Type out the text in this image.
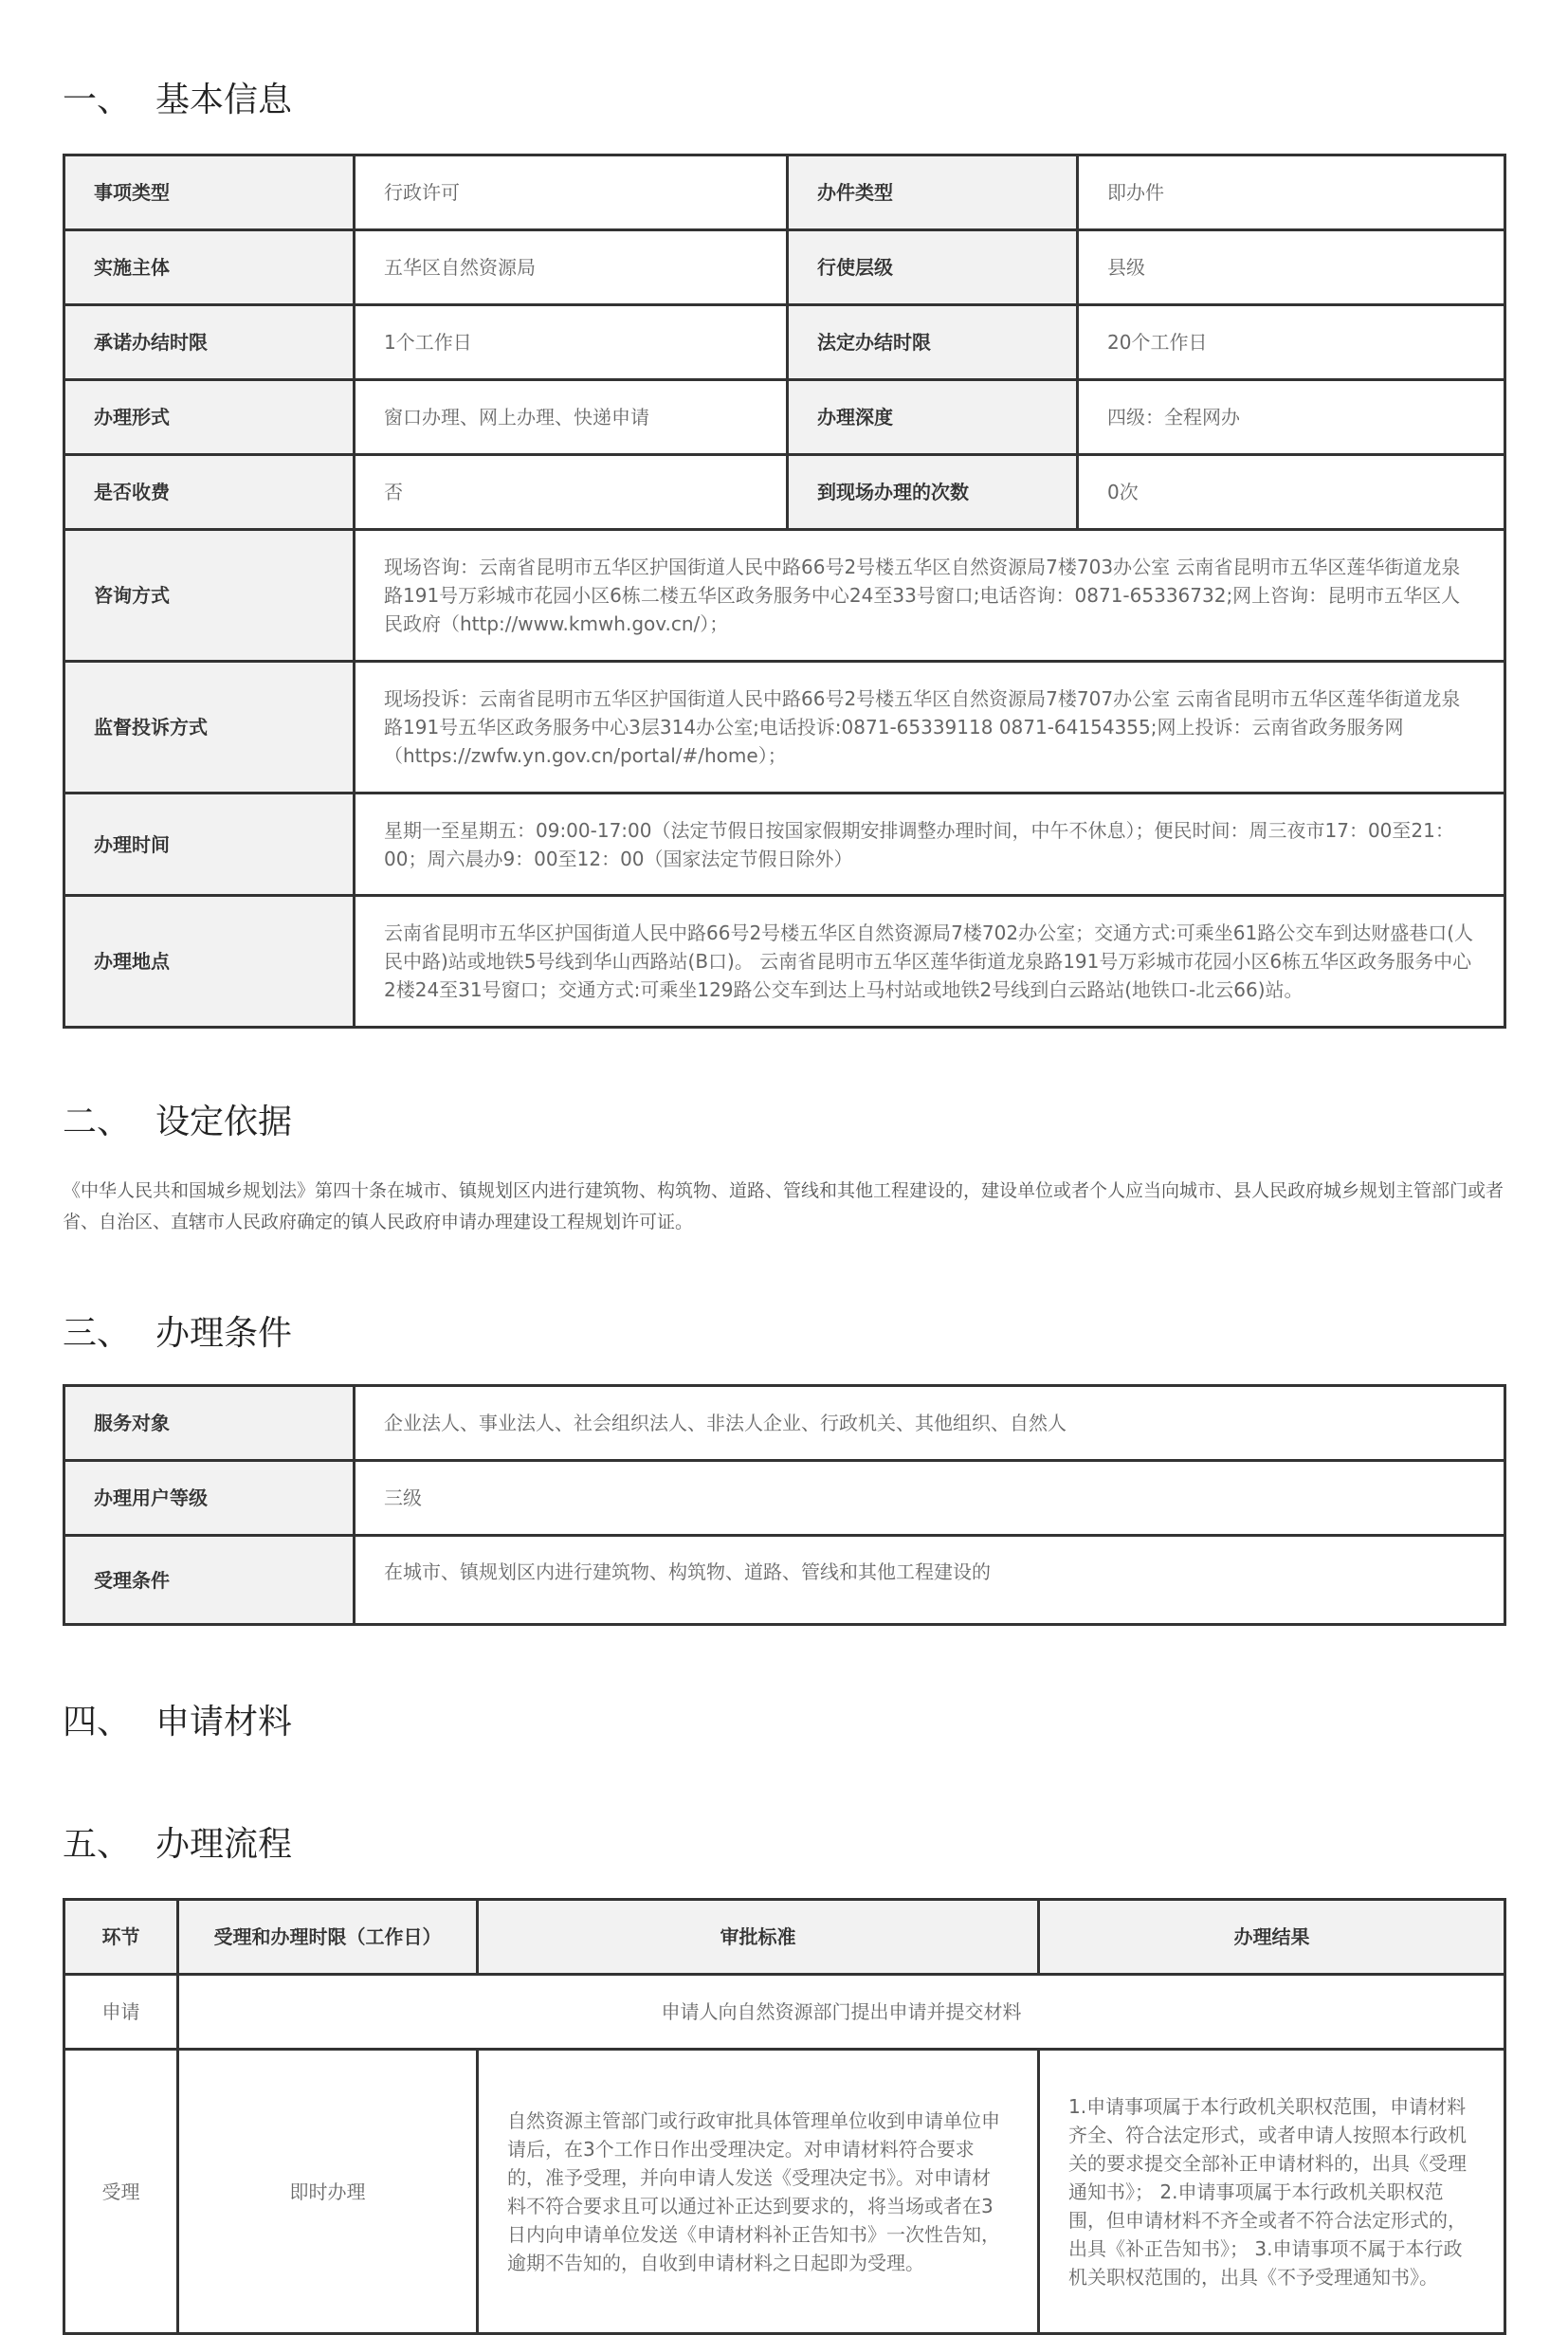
一、 基本信息
事项类型	行政许可	办件类型	即办件
实施主体	五华区自然资源局	行使层级	县级
承诺办结时限	1个工作日	法定办结时限	20个工作日
办理形式	窗口办理、网上办理、快递申请	办理深度	四级：全程网办
是否收费	否	到现场办理的次数	0次
咨询方式	现场咨询：云南省昆明市五华区护国街道人民中路66号2号楼五华区自然资源局7楼703办公室 云南省昆明市五华区莲华街道龙泉路191号万彩城市花园小区6栋二楼五华区政务服务中心24至33号窗口;电话咨询：0871-65336732;网上咨询：昆明市五华区人民政府（http://www.kmwh.gov.cn/）；		
监督投诉方式	现场投诉：云南省昆明市五华区护国街道人民中路66号2号楼五华区自然资源局7楼707办公室 云南省昆明市五华区莲华街道龙泉路191号五华区政务服务中心3层314办公室;电话投诉:0871-65339118 0871-64154355;网上投诉：云南省政务服务网（https://zwfw.yn.gov.cn/portal/#/home）；		
办理时间	星期一至星期五：09:00-17:00（法定节假日按国家假期安排调整办理时间，中午不休息）；便民时间：周三夜市17：00至21：00；周六晨办9：00至12：00（国家法定节假日除外）		
办理地点	云南省昆明市五华区护国街道人民中路66号2号楼五华区自然资源局7楼702办公室；交通方式:可乘坐61路公交车到达财盛巷口(人民中路)站或地铁5号线到华山西路站(B口)。 云南省昆明市五华区莲华街道龙泉路191号万彩城市花园小区6栋五华区政务服务中心2楼24至31号窗口；交通方式:可乘坐129路公交车到达上马村站或地铁2号线到白云路站(地铁口-北云66)站。		
二、 设定依据

《中华人民共和国城乡规划法》第四十条在城市、镇规划区内进行建筑物、构筑物、道路、管线和其他工程建设的，建设单位或者个人应当向城市、县人民政府城乡规划主管部门或者省、自治区、直辖市人民政府确定的镇人民政府申请办理建设工程规划许可证。

三、 办理条件
服务对象	企业法人、事业法人、社会组织法人、非法人企业、行政机关、其他组织、自然人
办理用户等级	三级
受理条件	在城市、镇规划区内进行建筑物、构筑物、道路、管线和其他工程建设的
四、 申请材料
五、 办理流程
环节	受理和办理时限（工作日）	审批标准	办理结果
申请	申请人向自然资源部门提出申请并提交材料		
受理	即时办理	自然资源主管部门或行政审批具体管理单位收到申请单位申请后，在3个工作日作出受理决定。对申请材料符合要求的，准予受理，并向申请人发送《受理决定书》。对申请材料不符合要求且可以通过补正达到要求的，将当场或者在3日内向申请单位发送《申请材料补正告知书》一次性告知，逾期不告知的，自收到申请材料之日起即为受理。	1.申请事项属于本行政机关职权范围，申请材料齐全、符合法定形式，或者申请人按照本行政机关的要求提交全部补正申请材料的，出具《受理通知书》； 2.申请事项属于本行政机关职权范围，但申请材料不齐全或者不符合法定形式的，出具《补正告知书》； 3.申请事项不属于本行政机关职权范围的，出具《不予受理通知书》。
